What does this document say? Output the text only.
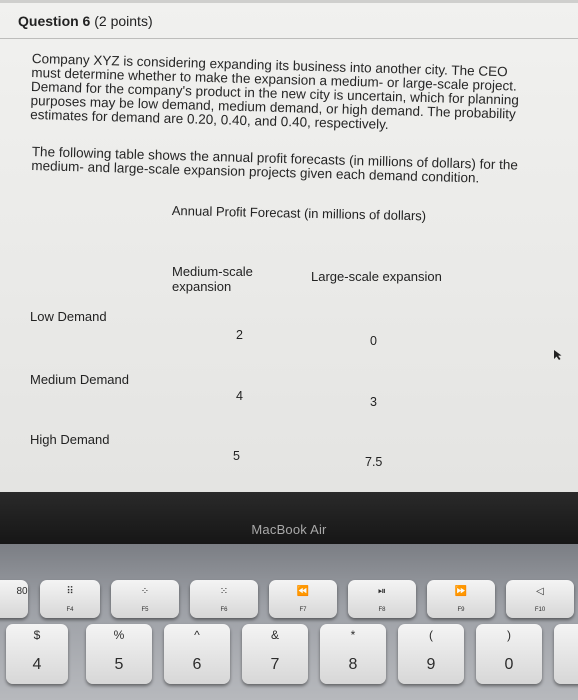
Question 6 (2 points)
Company XYZ is considering expanding its business into another city. The CEO must determine whether to make the expansion a medium- or large-scale project. Demand for the company's product in the new city is uncertain, which for planning purposes may be low demand, medium demand, or high demand. The probability estimates for demand are 0.20, 0.40, and 0.40, respectively.
The following table shows the annual profit forecasts (in millions of dollars) for the medium- and large-scale expansion projects given each demand condition.
Annual Profit Forecast (in millions of dollars)
Medium-scale expansion
Large-scale expansion
Low Demand
2	0
Medium Demand
4	3
High Demand
5	7.5
MacBook Air
80	⠿
F4
⁘
F5
⁙
F6
⏪
F7
⏯
F8
⏩
F9
◁
F10
$
4
%
5
^
6
&
7
*
8
(
9
)
0
